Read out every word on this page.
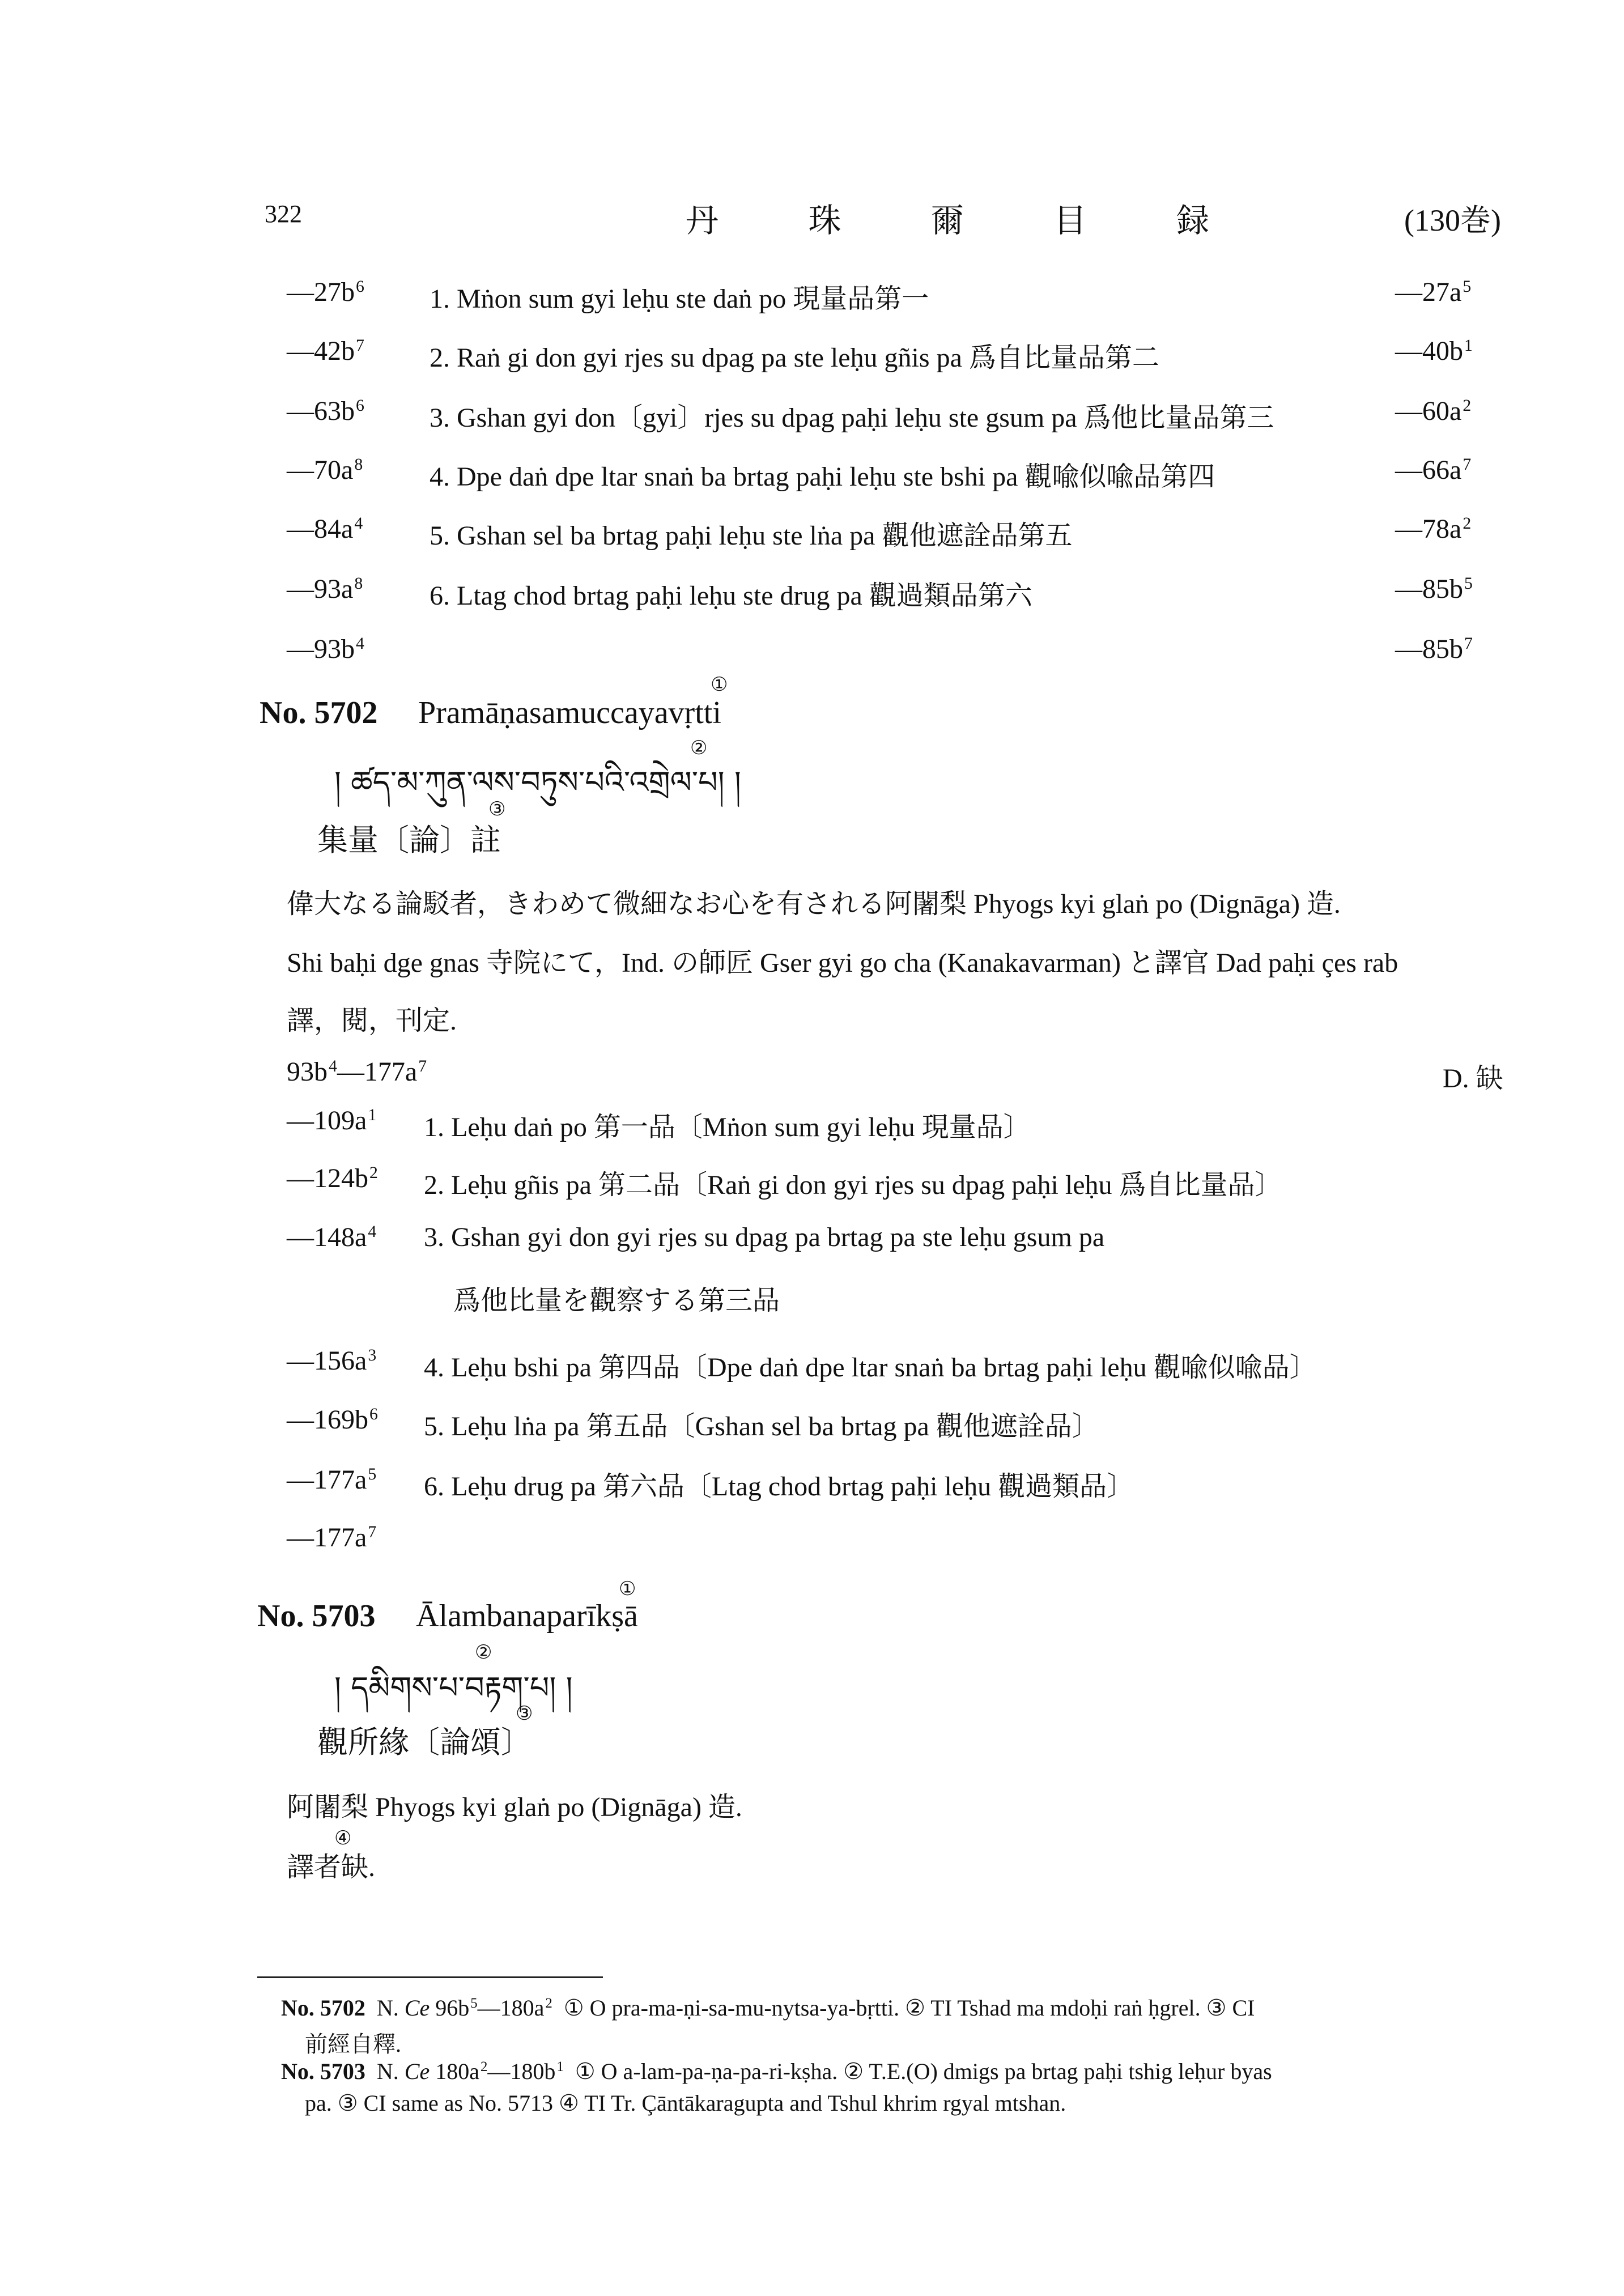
322	丹 珠 爾 目 録	(130巻)
$—27b^6$ 1. Mṅon sum gyi leḥu ste daṅ po 現量品第一	$—27a^5$
$—42b^7$ 2. Raṅ gi don gyi rjes su dpag pa ste leḥu gñis pa 爲自比量品第二	$—40b^1$
$—63b^6$ 3. Gshan gyi don〔gyi〕rjes su dpag paḥi leḥu ste gsum pa 爲他比量品第三	$—60a^2$
$—70a^8$ 4. Dpe daṅ dpe ltar snaṅ ba brtag paḥi leḥu ste bshi pa 觀喩似喩品第四	$—66a^7$
$—84a^4$ 5. Gshan sel ba brtag paḥi leḥu ste lṅa pa 觀他遮詮品第五	$—78a^2$
$—93a^8$ 6. Ltag chod brtag paḥi leḥu ste drug pa 觀過類品第六	$—85b^5$
$—93b^4$	$—85b^7$
①
No. 5702 Pramāṇasamuccayavṛtti
②
། ཚད་མ་ཀུན་ལས་བཏུས་པའི་འགྲེལ་པ། །
③
集量〔論〕註
偉大なる論駁者，きわめて微細なお心を有される阿闍梨 Phyogs kyi glaṅ po (Dignāga) 造.
Shi baḥi dge gnas 寺院にて，Ind. の師匠 Gser gyi go cha (Kanakavarman) と譯官 Dad paḥi çes rab
譯，閱，刊定.
$93b^4—177a^7$	D. 缺
$—109a^1$ 1. Leḥu daṅ po 第一品〔Mṅon sum gyi leḥu 現量品〕
$—124b^2$ 2. Leḥu gñis pa 第二品〔Raṅ gi don gyi rjes su dpag paḥi leḥu 爲自比量品〕
$—148a^4$ 3. Gshan gyi don gyi rjes su dpag pa brtag pa ste leḥu gsum pa
爲他比量を觀察する第三品
$—156a^3$ 4. Leḥu bshi pa 第四品〔Dpe daṅ dpe ltar snaṅ ba brtag paḥi leḥu 觀喩似喩品〕
$—169b^6$ 5. Leḥu lṅa pa 第五品〔Gshan sel ba brtag pa 觀他遮詮品〕
$—177a^5$ 6. Leḥu drug pa 第六品〔Ltag chod brtag paḥi leḥu 觀過類品〕
$—177a^7$
①
No. 5703 Ālambanaparīkṣā
②
། དམིགས་པ་བརྟག་པ། །
③
觀所緣〔論頌〕
阿闍梨 Phyogs kyi glaṅ po (Dignāga) 造.
④
譯者缺.
No. 5702 N. Ce $96b^5—180a^2$ ① O pra-ma-ṇi-sa-mu-nytsa-ya-bṛtti. ② TI Tshad ma mdoḥi raṅ ḥgrel. ③ CI
前經自釋.
No. 5703 N. Ce $180a^2—180b^1$ ① O a-lam-pa-ṇa-pa-ri-kṣha. ② T.E.(O) dmigs pa brtag paḥi tshig leḥur byas
pa. ③ CI same as No. 5713 ④ TI Tr. Çāntākaragupta and Tshul khrim rgyal mtshan.
